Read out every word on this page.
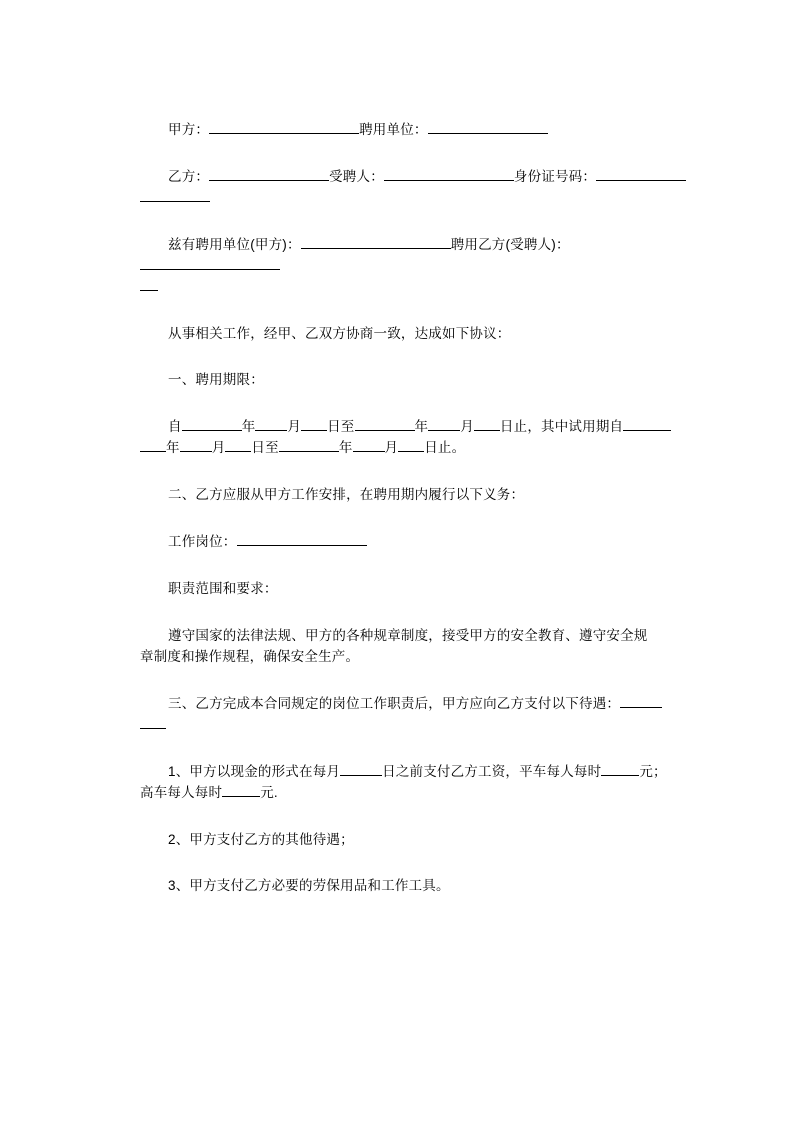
甲方：	聘用单位：

乙方：	受聘人：	身份证号码：

兹有聘用单位(甲方)：	聘用乙方(受聘人)：

从事相关工作，经甲、乙双方协商一致，达成如下协议：

一、聘用期限：

自	年 月 日至	年 月 日止，其中试用期自
年 月 日至	年 月 日止。

二、乙方应服从甲方工作安排，在聘用期内履行以下义务：

工作岗位：

职责范围和要求：

遵守国家的法律法规、甲方的各种规章制度，接受甲方的安全教育、遵守安全规
章制度和操作规程，确保安全生产。

三、乙方完成本合同规定的岗位工作职责后，甲方应向乙方支付以下待遇：

1、甲方以现金的形式在每月	日之前支付乙方工资，平车每人每时	元；
高车每人每时	元.

2、甲方支付乙方的其他待遇；

3、甲方支付乙方必要的劳保用品和工作工具。
